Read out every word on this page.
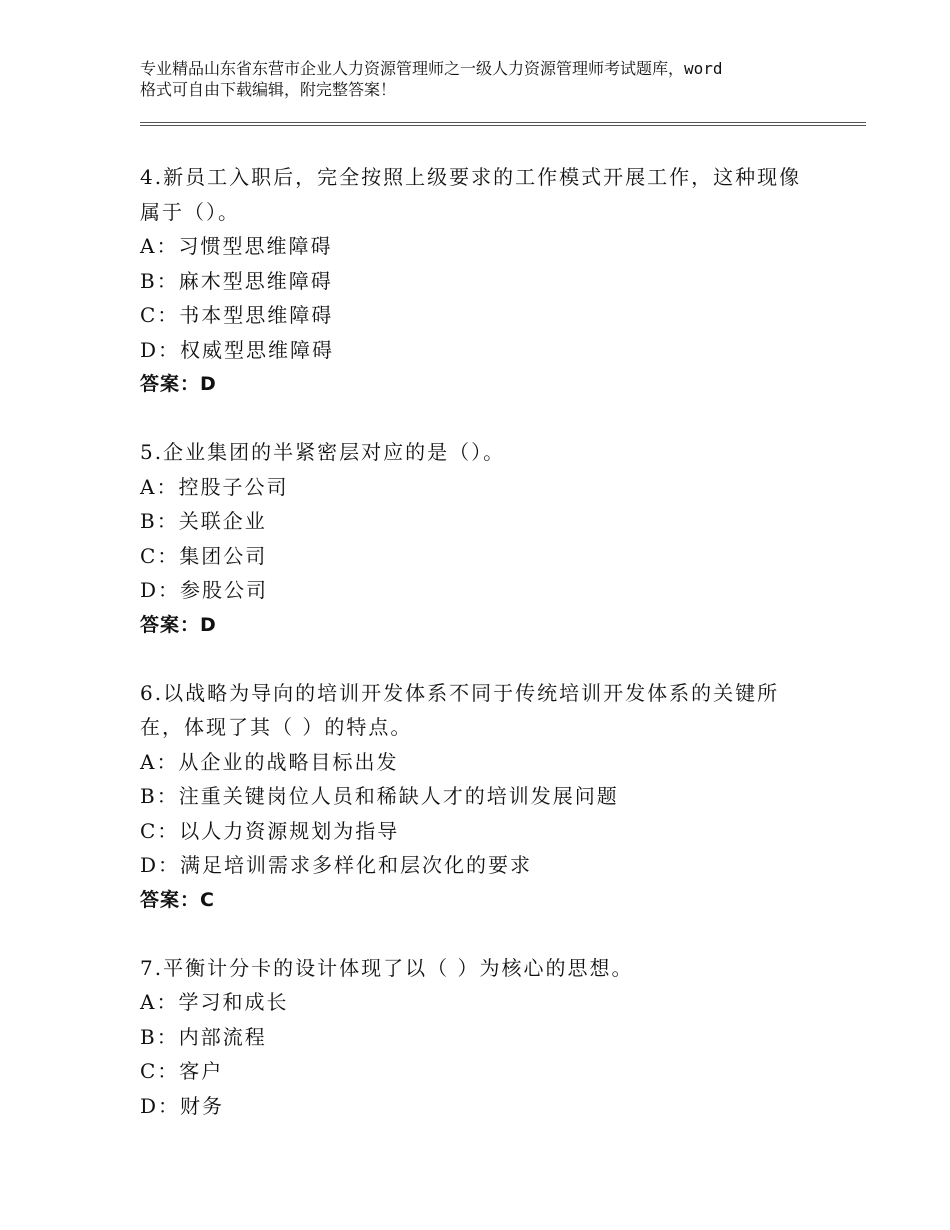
专业精品山东省东营市企业人力资源管理师之一级人力资源管理师考试题库，word
格式可自由下载编辑，附完整答案！
4.新员工入职后，完全按照上级要求的工作模式开展工作，这种现像
属于（）。
A：习惯型思维障碍
B：麻木型思维障碍
C：书本型思维障碍
D：权威型思维障碍
答案：D
5.企业集团的半紧密层对应的是（）。
A：控股子公司
B：关联企业
C：集团公司
D：参股公司
答案：D
6.以战略为导向的培训开发体系不同于传统培训开发体系的关键所
在，体现了其（ ）的特点。
A：从企业的战略目标出发
B：注重关键岗位人员和稀缺人才的培训发展问题
C：以人力资源规划为指导
D：满足培训需求多样化和层次化的要求
答案：C
7.平衡计分卡的设计体现了以（ ）为核心的思想。
A：学习和成长
B：内部流程
C：客户
D：财务
